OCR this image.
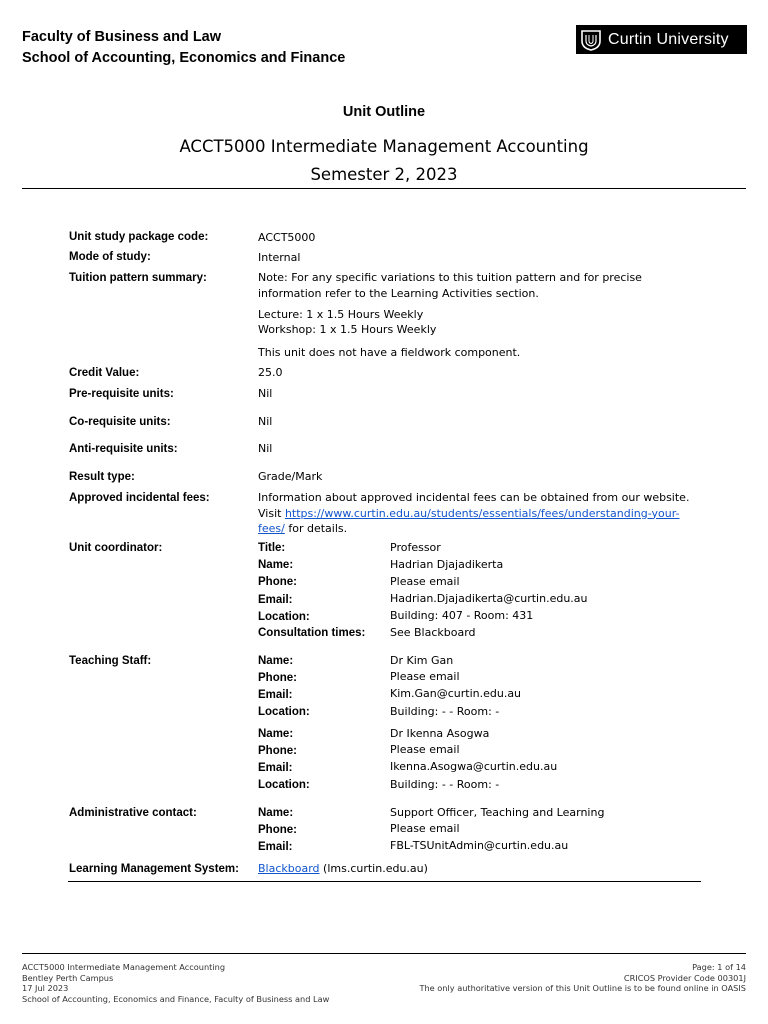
Faculty of Business and Law
School of Accounting, Economics and Finance
Curtin University
Unit Outline
ACCT5000 Intermediate Management Accounting
Semester 2, 2023
Unit study package code:	ACCT5000
Mode of study:	Internal
Tuition pattern summary:	Note: For any specific variations to this tuition pattern and for precise information refer to the Learning Activities section.
Lecture: 1 x 1.5 Hours Weekly
Workshop: 1 x 1.5 Hours Weekly
This unit does not have a fieldwork component.
Credit Value:	25.0
Pre-requisite units:	Nil
Co-requisite units:	Nil
Anti-requisite units:	Nil
Result type:	Grade/Mark
Approved incidental fees:	Information about approved incidental fees can be obtained from our website.
Visit https://www.curtin.edu.au/students/essentials/fees/understanding-your-
fees/ for details.
Unit coordinator:	Title:	Professor
Name:	Hadrian Djajadikerta
Phone:	Please email
Email:	Hadrian.Djajadikerta@curtin.edu.au
Location:	Building: 407 - Room: 431
Consultation times: See Blackboard
Teaching Staff:	Name:	Dr Kim Gan
Phone:	Please email
Email:	Kim.Gan@curtin.edu.au
Location:	Building: - - Room: -
Name:	Dr Ikenna Asogwa
Phone:	Please email
Email:	Ikenna.Asogwa@curtin.edu.au
Location:	Building: - - Room: -
Administrative contact:	Name:	Support Officer, Teaching and Learning
Phone:	Please email
Email:	FBL-TSUnitAdmin@curtin.edu.au
Learning Management System: Blackboard (lms.curtin.edu.au)
ACCT5000 Intermediate Management Accounting
Bentley Perth Campus
17 Jul 2023
School of Accounting, Economics and Finance, Faculty of Business and Law
Page: 1 of 14
CRICOS Provider Code 00301J
The only authoritative version of this Unit Outline is to be found online in OASIS
